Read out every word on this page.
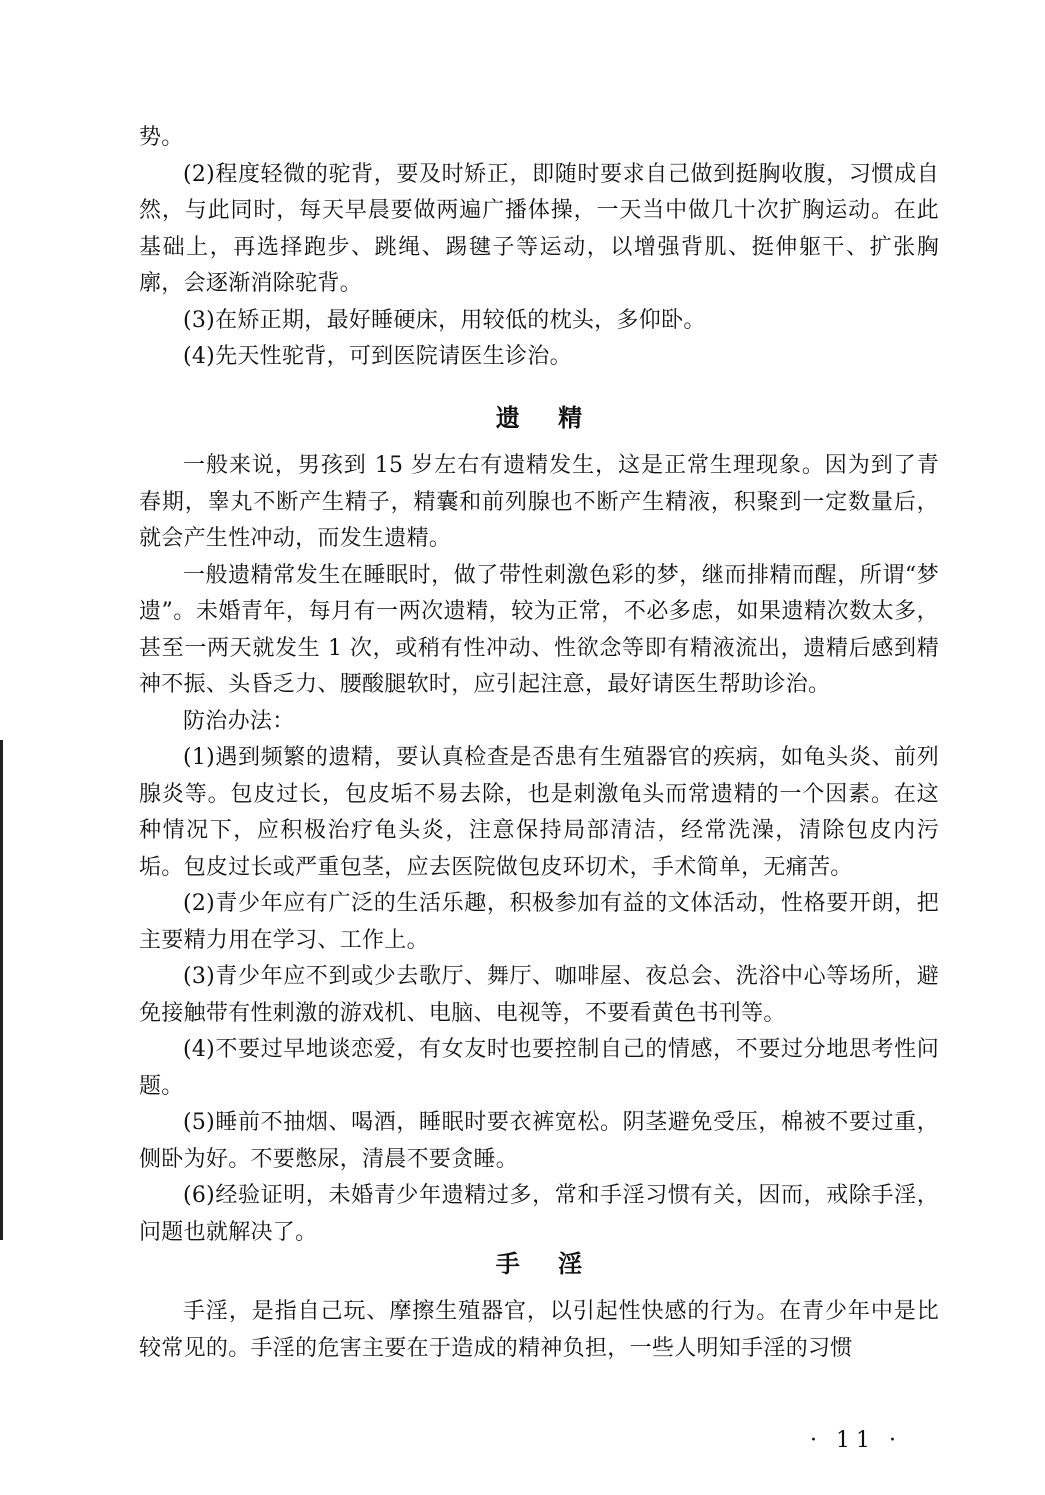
势。

(2)程度轻微的驼背，要及时矫正，即随时要求自己做到挺胸收腹，习惯成自然，与此同时，每天早晨要做两遍广播体操，一天当中做几十次扩胸运动。在此基础上，再选择跑步、跳绳、踢毽子等运动，以增强背肌、挺伸躯干、扩张胸廓，会逐渐消除驼背。

(3)在矫正期，最好睡硬床，用较低的枕头，多仰卧。

(4)先天性驼背，可到医院请医生诊治。

遗精

一般来说，男孩到 15 岁左右有遗精发生，这是正常生理现象。因为到了青春期，睾丸不断产生精子，精囊和前列腺也不断产生精液，积聚到一定数量后，就会产生性冲动，而发生遗精。

一般遗精常发生在睡眠时，做了带性刺激色彩的梦，继而排精而醒，所谓“梦遗”。未婚青年，每月有一两次遗精，较为正常，不必多虑，如果遗精次数太多，甚至一两天就发生 1 次，或稍有性冲动、性欲念等即有精液流出，遗精后感到精神不振、头昏乏力、腰酸腿软时，应引起注意，最好请医生帮助诊治。

防治办法：

(1)遇到频繁的遗精，要认真检查是否患有生殖器官的疾病，如龟头炎、前列腺炎等。包皮过长，包皮垢不易去除，也是刺激龟头而常遗精的一个因素。在这种情况下，应积极治疗龟头炎，注意保持局部清洁，经常洗澡，清除包皮内污垢。包皮过长或严重包茎，应去医院做包皮环切术，手术简单，无痛苦。

(2)青少年应有广泛的生活乐趣，积极参加有益的文体活动，性格要开朗，把主要精力用在学习、工作上。

(3)青少年应不到或少去歌厅、舞厅、咖啡屋、夜总会、洗浴中心等场所，避免接触带有性刺激的游戏机、电脑、电视等，不要看黄色书刊等。

(4)不要过早地谈恋爱，有女友时也要控制自己的情感，不要过分地思考性问题。

(5)睡前不抽烟、喝酒，睡眠时要衣裤宽松。阴茎避免受压，棉被不要过重，侧卧为好。不要憋尿，清晨不要贪睡。

(6)经验证明，未婚青少年遗精过多，常和手淫习惯有关，因而，戒除手淫，问题也就解决了。

手淫

手淫，是指自己玩、摩擦生殖器官，以引起性快感的行为。在青少年中是比较常见的。手淫的危害主要在于造成的精神负担，一些人明知手淫的习惯

· 11 ·
